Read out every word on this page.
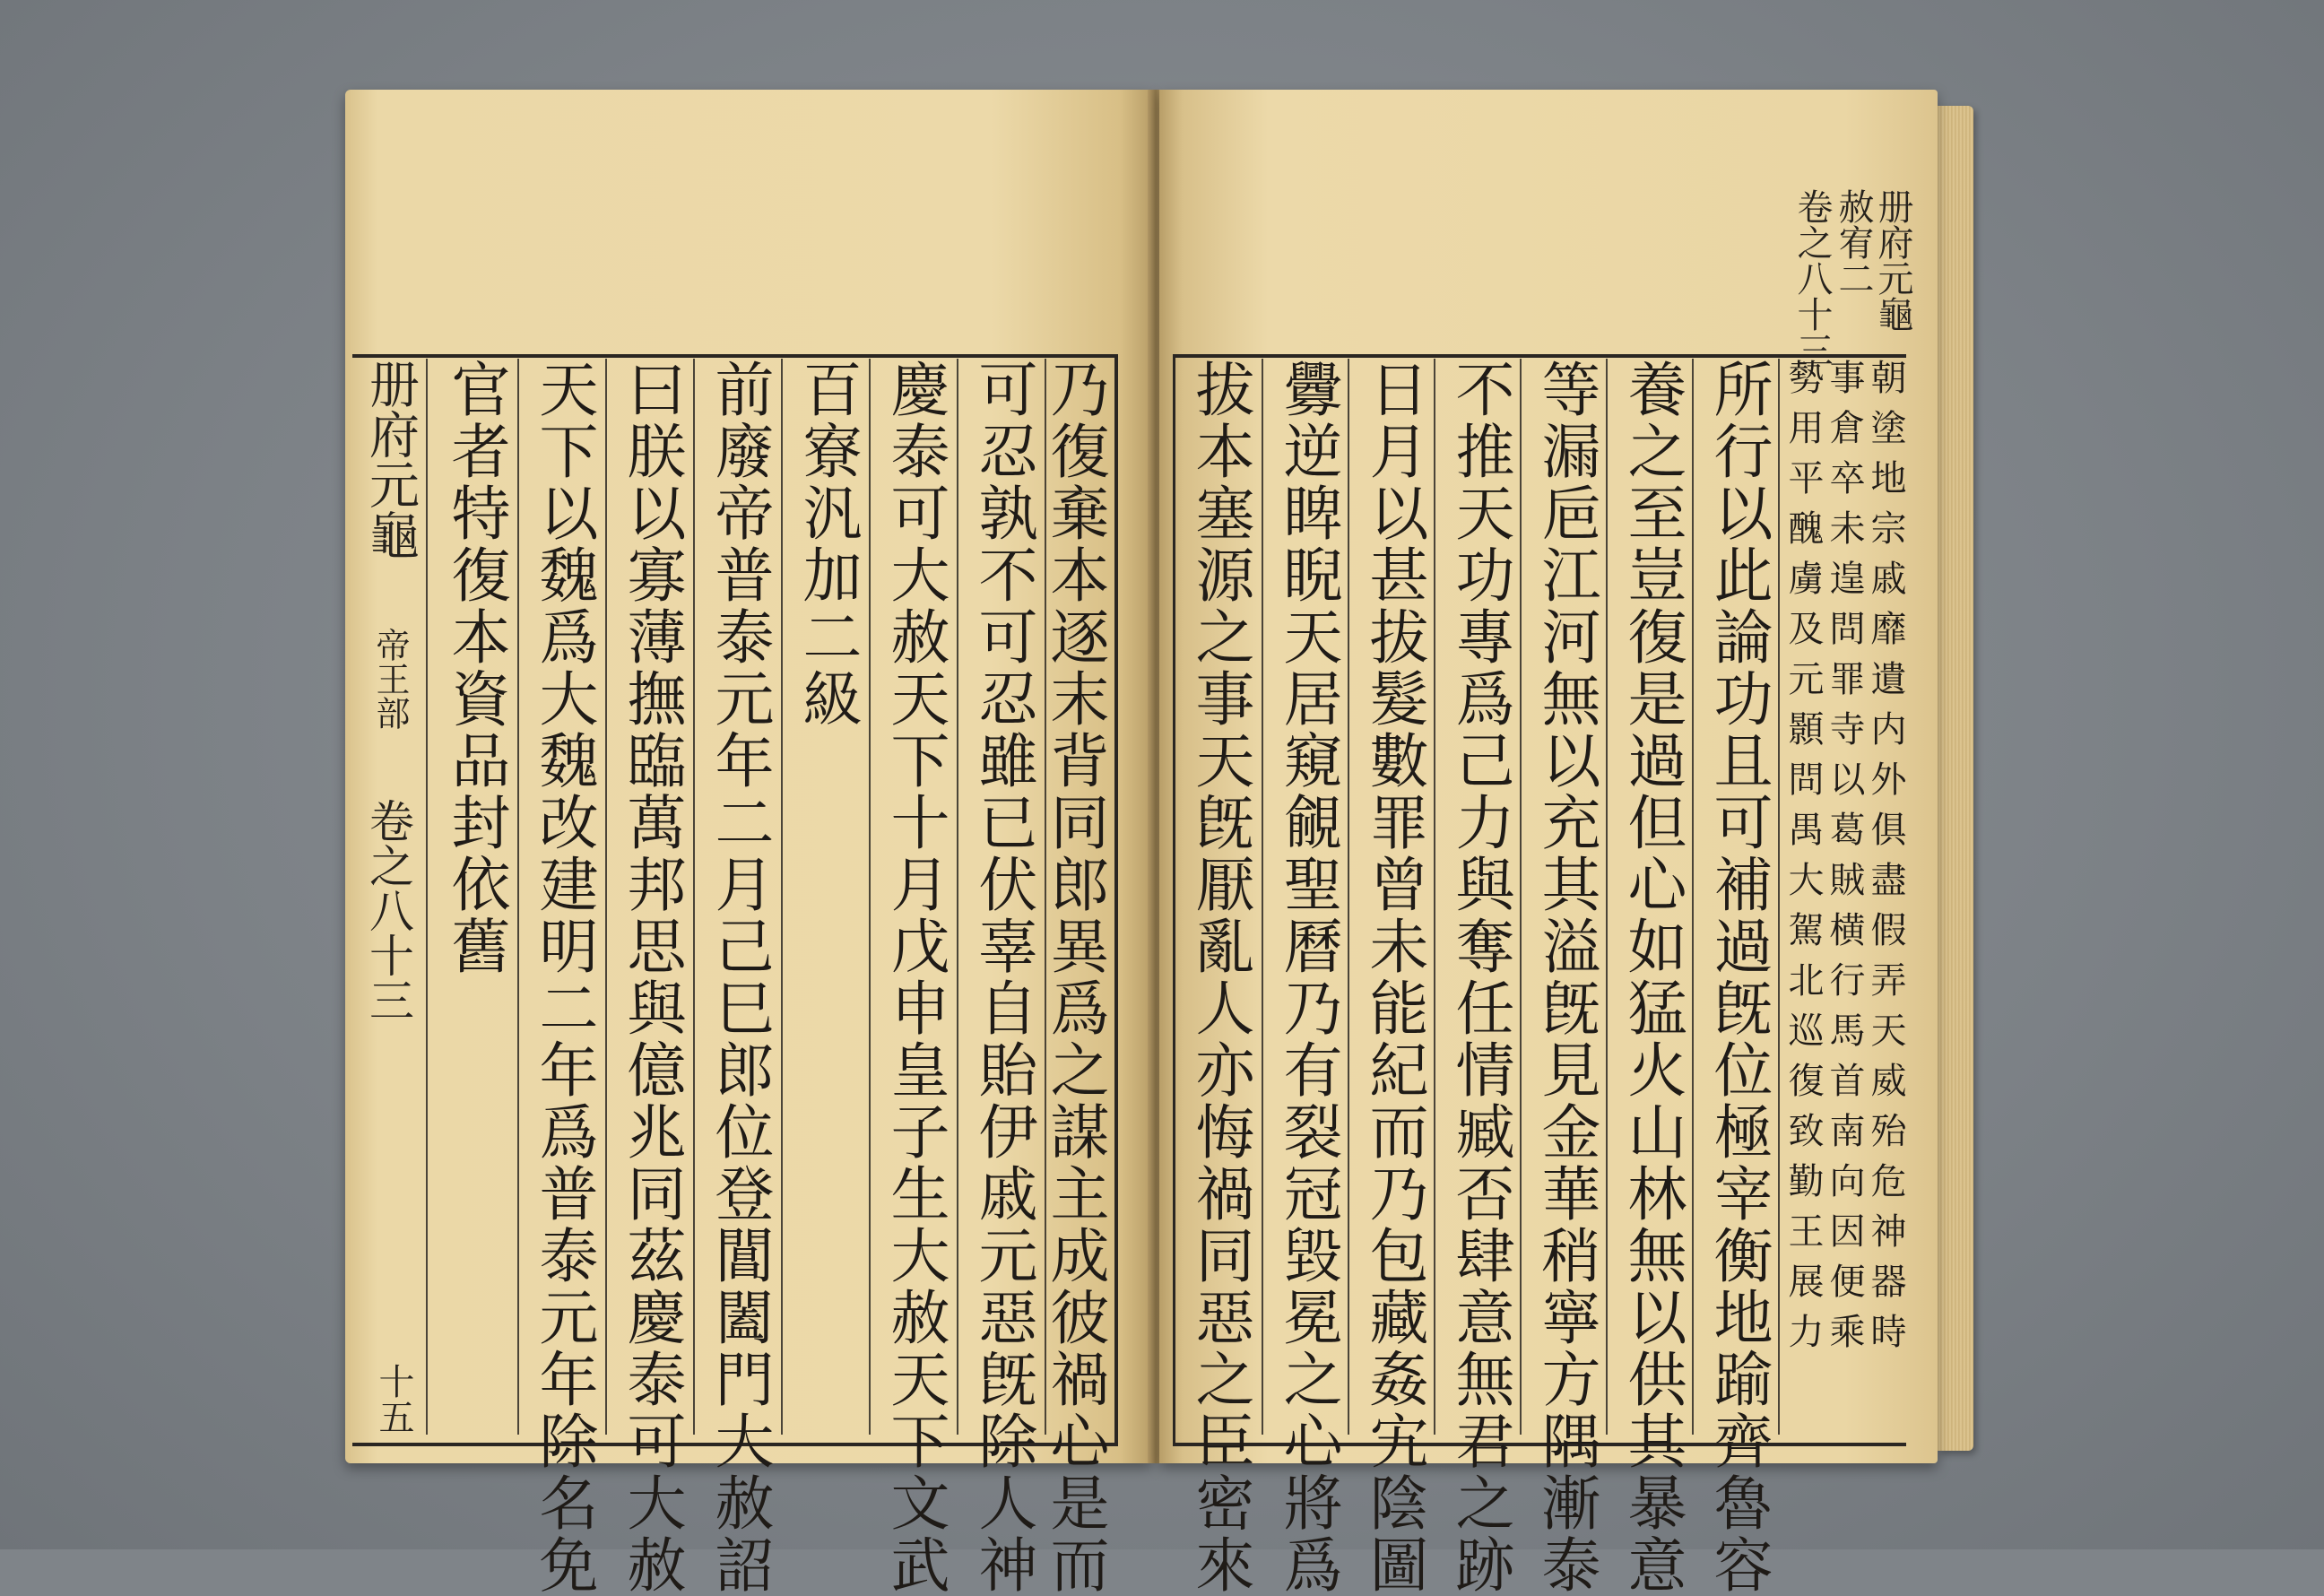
册府元龜
帝王部
卷之八十三
十五
官者特復本資品封依舊 天下以魏爲大魏改建明二年爲普泰元年除名免 曰朕以寡薄撫臨萬邦思與億兆同茲慶泰可大赦 前廢帝普泰元年二月己巳郎位登閶闔門大赦詔 百寮汎加二級 慶泰可大赦天下十月戊申皇子生大赦天下文武 可忍孰不可忍雖已伏辜自貽伊戚元惡旣除人神 乃復棄本逐末背同郎異爲之謀主成彼禍心是而 拔本塞源之事天旣厭亂人亦悔禍同惡之臣密來 釁逆睥睨天居窺覦聖曆乃有裂冠毀冕之心將爲 日月以甚拔髮數罪曾未能紀而乃包藏姦宄陰圖 不推天功專爲己力與奪任情臧否肆意無君之跡 等漏巵江河無以充其溢旣見金華稍寧方隅漸泰 養之至豈復是過但心如猛火山林無以供其暴意 所行以此論功且可補過旣位極宰衡地踰齊魯容 勢用平醜虜及元顥問禺大駕北巡復致勤王展力 事倉卒未遑問罪寺以葛賊横行馬首南向因便乘 朝塗地宗戚靡遺内外俱盡假弄天威殆危神器時
册府元龜
赦宥二
卷之八十三
